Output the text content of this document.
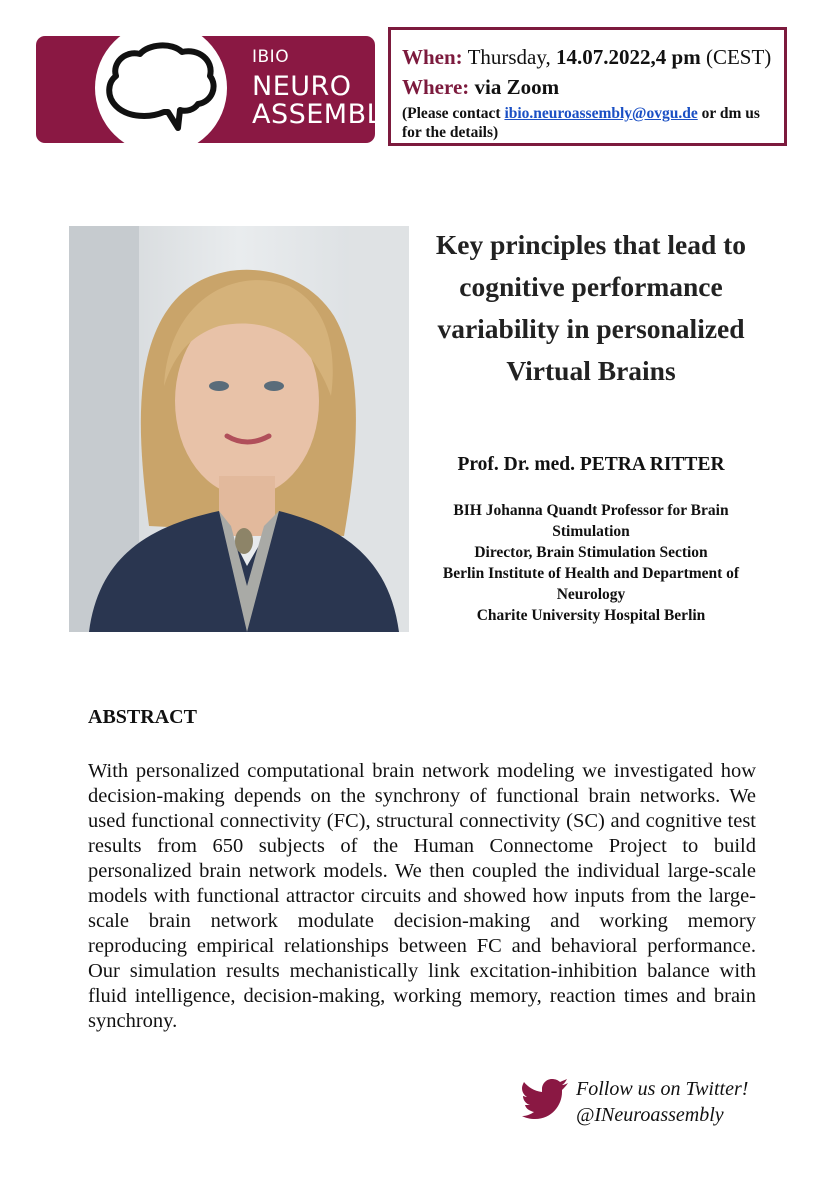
IBIO
NEURO
ASSEMBLY
When: Thursday, 14.07.2022,4 pm (CEST)
Where: via Zoom
(Please contact ibio.neuroassembly@ovgu.de or dm us for the details)
Key principles that lead to cognitive performance variability in personalized Virtual Brains
Prof. Dr. med. PETRA RITTER
BIH Johanna Quandt Professor for Brain Stimulation
Director, Brain Stimulation Section
Berlin Institute of Health and Department of Neurology
Charite University Hospital Berlin
ABSTRACT
With personalized computational brain network modeling we investigated how decision-making depends on the synchrony of functional brain networks. We used functional connectivity (FC), structural connectivity (SC) and cognitive test results from 650 subjects of the Human Connectome Project to build personalized brain network models. We then coupled the individual large-scale models with functional attractor circuits and showed how inputs from the large-scale brain network modulate decision-making and working memory reproducing empirical relationships between FC and behavioral performance. Our simulation results mechanistically link excitation-inhibition balance with fluid intelligence, decision-making, working memory, reaction times and brain synchrony.
Follow us on Twitter!
@INeuroassembly
